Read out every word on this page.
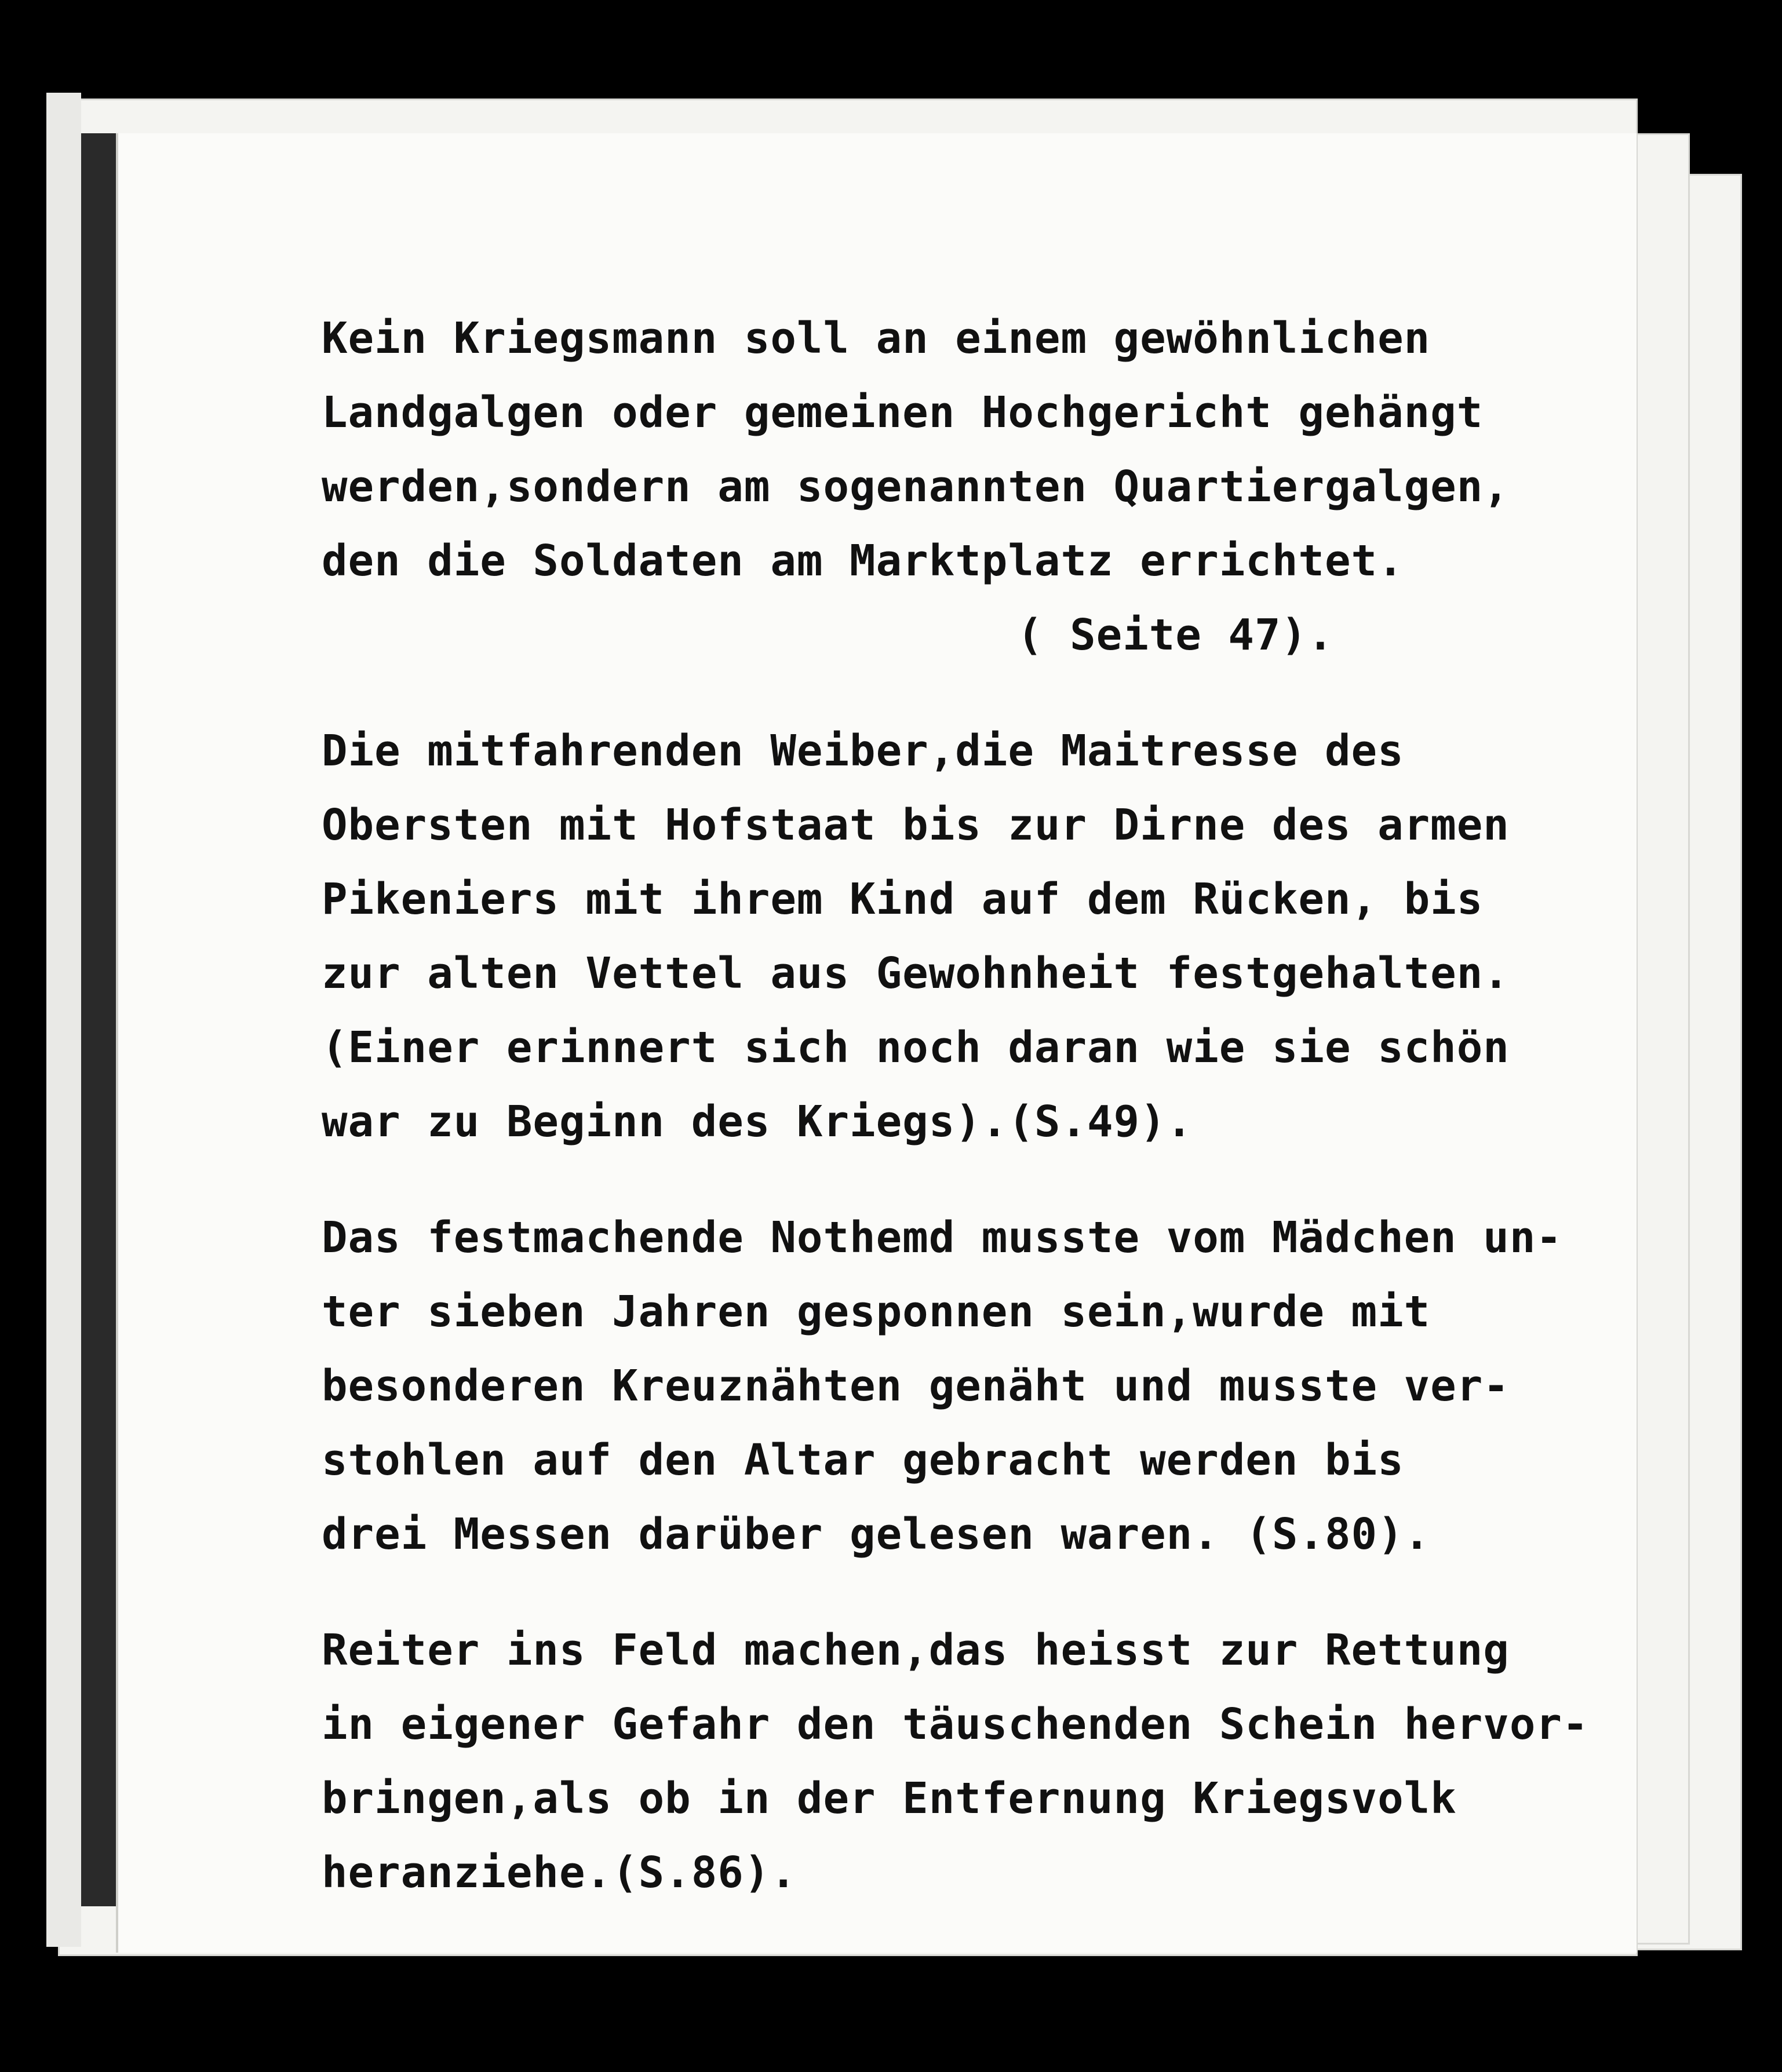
Kein Kriegsmann soll an einem gewöhnlichen
Landgalgen oder gemeinen Hochgericht gehängt
werden,sondern am sogenannten Quartiergalgen,
den die Soldaten am Marktplatz errichtet.
( Seite 47).
Die mitfahrenden Weiber,die Maitresse des
Obersten mit Hofstaat bis zur Dirne des armen
Pikeniers mit ihrem Kind auf dem Rücken, bis
zur alten Vettel aus Gewohnheit festgehalten.
(Einer erinnert sich noch daran wie sie schön
war zu Beginn des Kriegs).(S.49).
Das festmachende Nothemd musste vom Mädchen un-
ter sieben Jahren gesponnen sein,wurde mit
besonderen Kreuznähten genäht und musste ver-
stohlen auf den Altar gebracht werden bis
drei Messen darüber gelesen waren. (S.80).
Reiter ins Feld machen,das heisst zur Rettung
in eigener Gefahr den täuschenden Schein hervor-
bringen,als ob in der Entfernung Kriegsvolk
heranziehe.(S.86).
